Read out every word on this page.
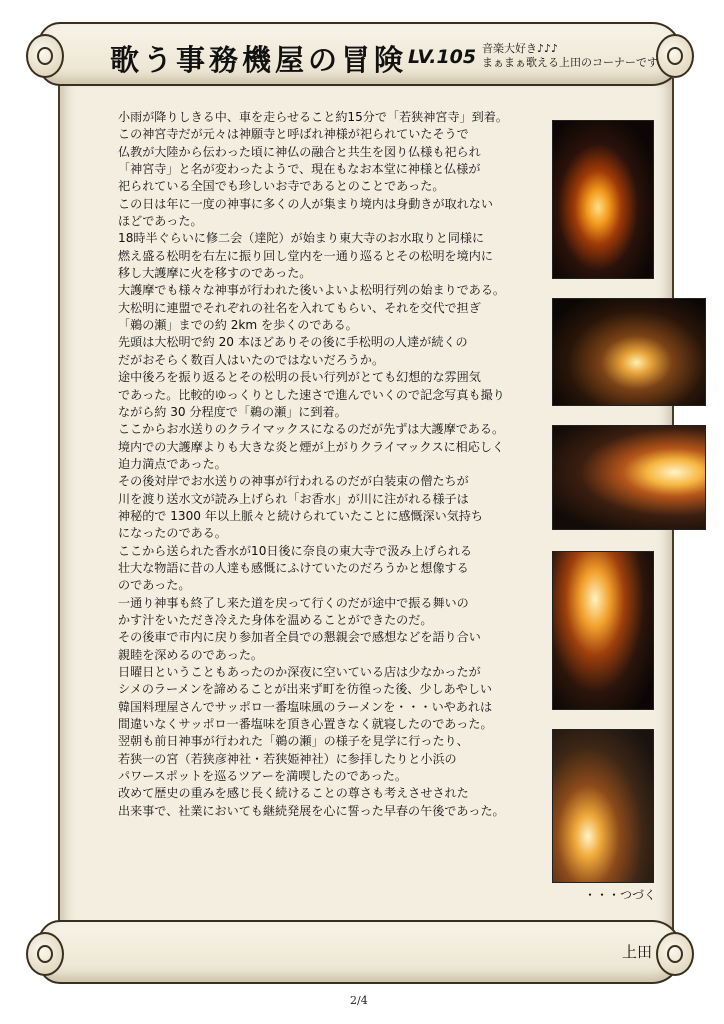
歌う事務機屋の冒険 LV.105 音楽大好き♪♪♪
まぁまぁ歌える上田のコーナーです

小雨が降りしきる中、車を走らせること約15分で「若狭神宮寺」到着。

この神宮寺だが元々は神願寺と呼ばれ神様が祀られていたそうで

仏教が大陸から伝わった頃に神仏の融合と共生を図り仏様も祀られ

「神宮寺」と名が変わったようで、現在もなお本堂に神様と仏様が

祀られている全国でも珍しいお寺であるとのことであった。

この日は年に一度の神事に多くの人が集まり境内は身動きが取れない

ほどであった。

18時半ぐらいに修二会（達陀）が始まり東大寺のお水取りと同様に

燃え盛る松明を右左に振り回し堂内を一通り巡るとその松明を境内に

移し大護摩に火を移すのであった。

大護摩でも様々な神事が行われた後いよいよ松明行列の始まりである。

大松明に連盟でそれぞれの社名を入れてもらい、それを交代で担ぎ

「鵜の瀬」までの約 2km を歩くのである。

先頭は大松明で約 20 本ほどありその後に手松明の人達が続くの

だがおそらく数百人はいたのではないだろうか。

途中後ろを振り返るとその松明の長い行列がとても幻想的な雰囲気

であった。比較的ゆっくりとした速さで進んでいくので記念写真も撮り

ながら約 30 分程度で「鵜の瀬」に到着。

ここからお水送りのクライマックスになるのだが先ずは大護摩である。

境内での大護摩よりも大きな炎と煙が上がりクライマックスに相応しく

迫力満点であった。

その後対岸でお水送りの神事が行われるのだが白装束の僧たちが

川を渡り送水文が読み上げられ「お香水」が川に注がれる様子は

神秘的で 1300 年以上脈々と続けられていたことに感慨深い気持ち

になったのである。

ここから送られた香水が10日後に奈良の東大寺で汲み上げられる

壮大な物語に昔の人達も感慨にふけていたのだろうかと想像する

のであった。

一通り神事も終了し来た道を戻って行くのだが途中で振る舞いの

かす汁をいただき冷えた身体を温めることができたのだ。

その後車で市内に戻り参加者全員での懇親会で感想などを語り合い

親睦を深めるのであった。

日曜日ということもあったのか深夜に空いている店は少なかったが

シメのラーメンを諦めることが出来ず町を彷徨った後、少しあやしい

韓国料理屋さんでサッポロ一番塩味風のラーメンを・・・いやあれは

間違いなくサッポロ一番塩味を頂き心置きなく就寝したのであった。

翌朝も前日神事が行われた「鵜の瀬」の様子を見学に行ったり、

若狭一の宮（若狭彦神社・若狭姫神社）に参拝したりと小浜の

パワースポットを巡るツアーを満喫したのであった。

改めて歴史の重みを感じ長く続けることの尊さも考えさせされた

出来事で、社業においても継続発展を心に誓った早春の午後であった。

・・・つづく
上田
2/4
